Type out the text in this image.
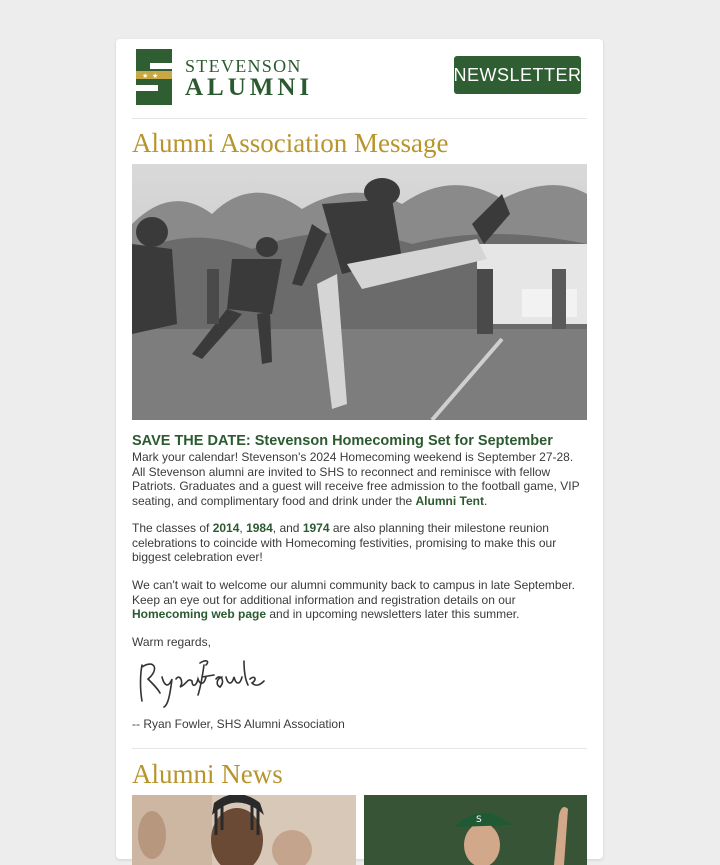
★ ★ STEVENSON
ALUMNI	NEWSLETTER
Alumni Association Message
SAVE THE DATE: Stevenson Homecoming Set for September

Mark your calendar! Stevenson's 2024 Homecoming weekend is September 27-28. All Stevenson alumni are invited to SHS to reconnect and reminisce with fellow Patriots. Graduates and a guest will receive free admission to the football game, VIP seating, and complimentary food and drink under the Alumni Tent.

The classes of 2014, 1984, and 1974 are also planning their milestone reunion celebrations to coincide with Homecoming festivities, promising to make this our biggest celebration ever!

We can't wait to welcome our alumni community back to campus in late September. Keep an eye out for additional information and registration details on our Homecoming web page and in upcoming newsletters later this summer.

Warm regards,

-- Ryan Fowler, SHS Alumni Association

Alumni News
S
